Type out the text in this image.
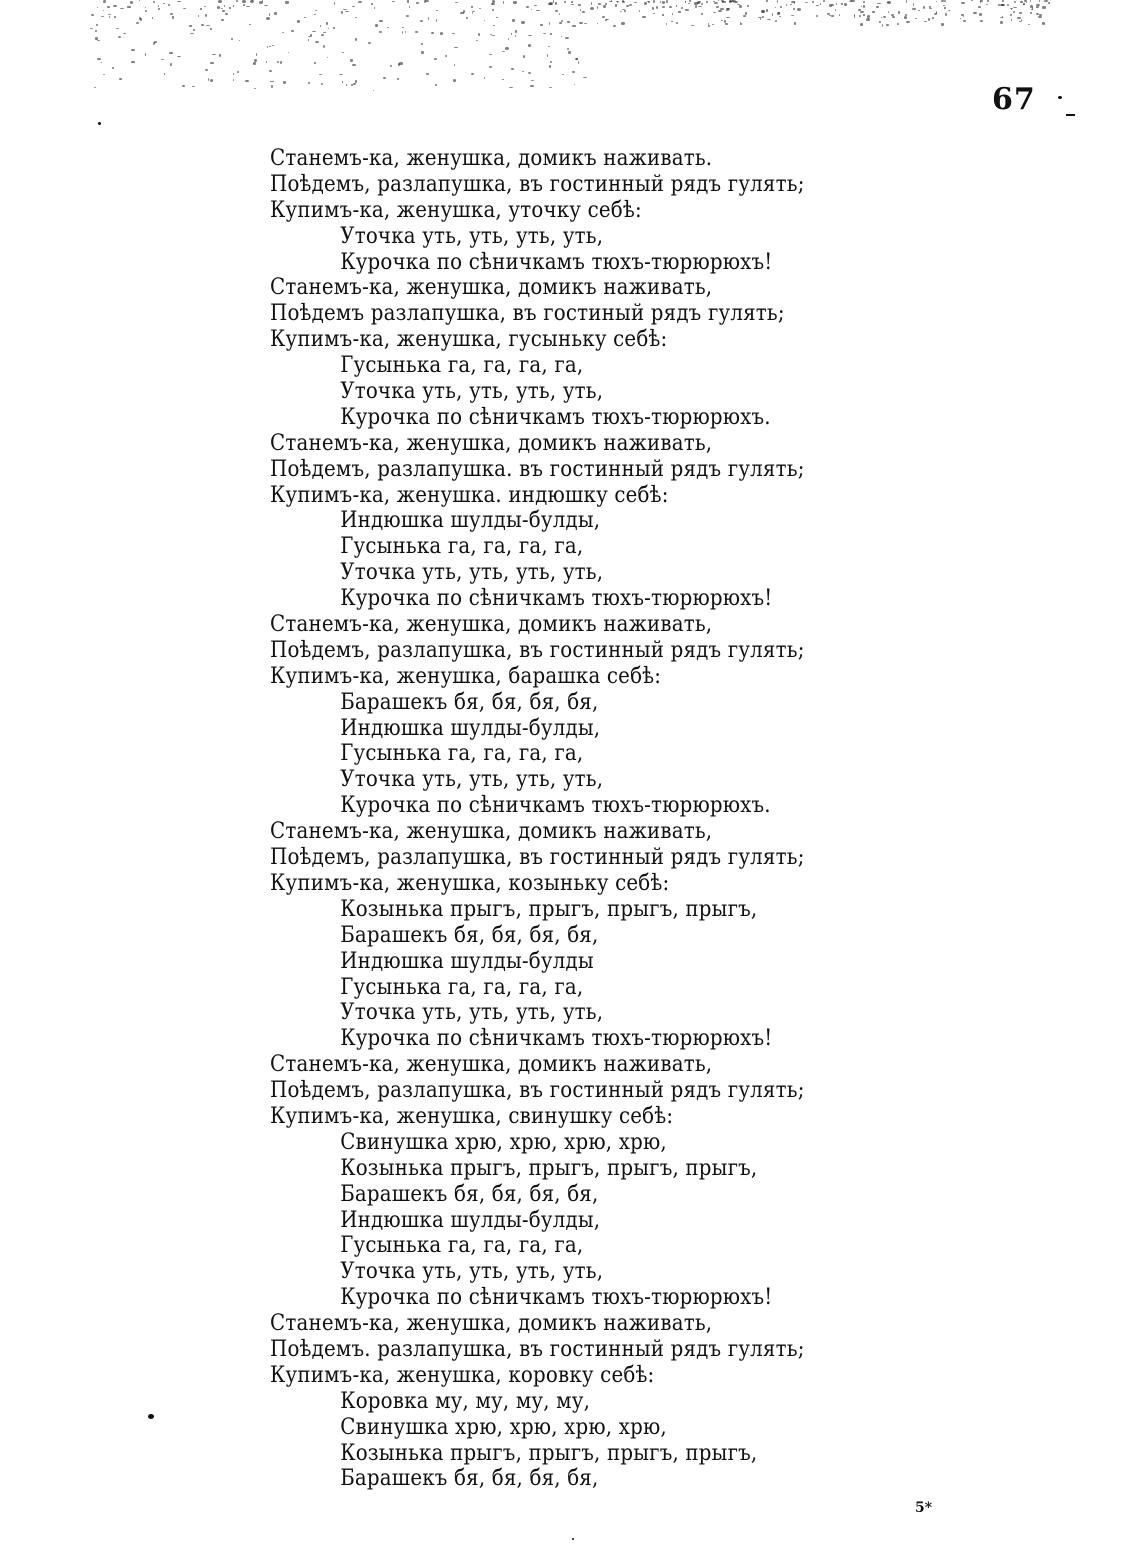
67
Станемъ-ка, женушка, домикъ наживать.
Поѣдемъ, разлапушка, въ гостинный рядъ гулять;
Купимъ-ка, женушка, уточку себѣ:
Уточка уть, уть, уть, уть,
Курочка по сѣничкамъ тюхъ-тюрюрюхъ!
Станемъ-ка, женушка, домикъ наживать,
Поѣдемъ разлапушка, въ гостиный рядъ гулять;
Купимъ-ка, женушка, гусыньку себѣ:
Гусынька га, га, га, га,
Уточка уть, уть, уть, уть,
Курочка по сѣничкамъ тюхъ-тюрюрюхъ.
Станемъ-ка, женушка, домикъ наживать,
Поѣдемъ, разлапушка. въ гостинный рядъ гулять;
Купимъ-ка, женушка. индюшку себѣ:
Индюшка шулды-булды,
Гусынька га, га, га, га,
Уточка уть, уть, уть, уть,
Курочка по сѣничкамъ тюхъ-тюрюрюхъ!
Станемъ-ка, женушка, домикъ наживать,
Поѣдемъ, разлапушка, въ гостинный рядъ гулять;
Купимъ-ка, женушка, барашка себѣ:
Барашекъ бя, бя, бя, бя,
Индюшка шулды-булды,
Гусынька га, га, га, га,
Уточка уть, уть, уть, уть,
Курочка по сѣничкамъ тюхъ-тюрюрюхъ.
Станемъ-ка, женушка, домикъ наживать,
Поѣдемъ, разлапушка, въ гостинный рядъ гулять;
Купимъ-ка, женушка, козыньку себѣ:
Козынька прыгъ, прыгъ, прыгъ, прыгъ,
Барашекъ бя, бя, бя, бя,
Индюшка шулды-булды
Гусынька га, га, га, га,
Уточка уть, уть, уть, уть,
Курочка по сѣничкамъ тюхъ-тюрюрюхъ!
Станемъ-ка, женушка, домикъ наживать,
Поѣдемъ, разлапушка, въ гостинный рядъ гулять;
Купимъ-ка, женушка, свинушку себѣ:
Свинушка хрю, хрю, хрю, хрю,
Козынька прыгъ, прыгъ, прыгъ, прыгъ,
Барашекъ бя, бя, бя, бя,
Индюшка шулды-булды,
Гусынька га, га, га, га,
Уточка уть, уть, уть, уть,
Курочка по сѣничкамъ тюхъ-тюрюрюхъ!
Станемъ-ка, женушка, домикъ наживать,
Поѣдемъ. разлапушка, въ гостинный рядъ гулять;
Купимъ-ка, женушка, коровку себѣ:
Коровка му, му, му, му,
Свинушка хрю, хрю, хрю, хрю,
Козынька прыгъ, прыгъ, прыгъ, прыгъ,
Барашекъ бя, бя, бя, бя,
5*
